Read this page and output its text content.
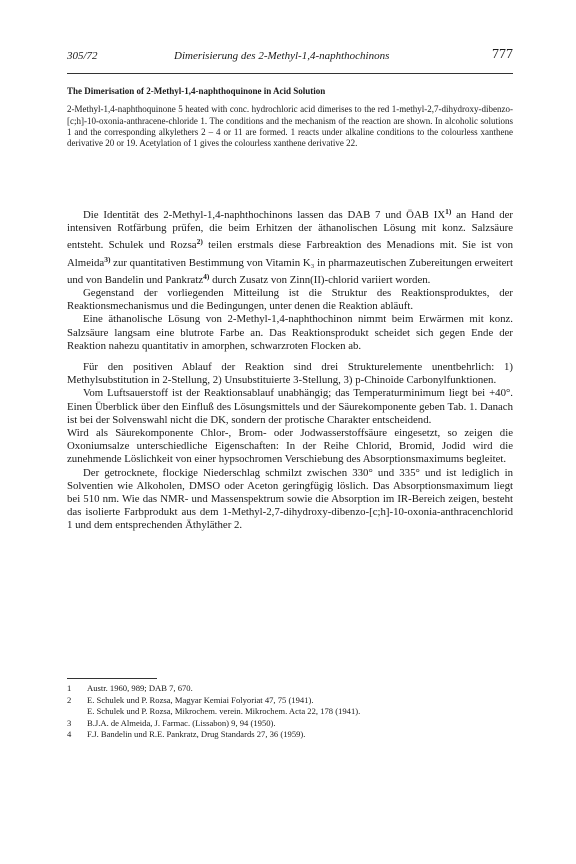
305/72	Dimerisierung des 2-Methyl-1,4-naphthochinons	777
The Dimerisation of 2-Methyl-1,4-naphthoquinone in Acid Solution

2-Methyl-1,4-naphthoquinone 5 heated with conc. hydrochloric acid dimerises to the red 1-methyl-2,7-dihydroxy-dibenzo-[c;h]-10-oxonia-anthracene-chloride 1. The conditions and the mechanism of the reaction are shown. In alcoholic solutions 1 and the corresponding alkylethers 2 – 4 or 11 are formed. 1 reacts under alkaline conditions to the colourless xanthene derivative 20 or 19. Acetylation of 1 gives the colourless xanthene derivative 22.

Die Identität des 2-Methyl-1,4-naphthochinons lassen das DAB 7 und ÖAB IX$^{1)}$ an Hand der intensiven Rotfärbung prüfen, die beim Erhitzen der äthanolischen Lösung mit konz. Salzsäure entsteht. Schulek und Rozsa$^{2)}$ teilen erstmals diese Farbreaktion des Menadions mit. Sie ist von Almeida$^{3)}$ zur quantitativen Bestimmung von Vitamin K₃ in pharmazeutischen Zubereitungen erweitert und von Bandelin und Pankratz$^{4)}$ durch Zusatz von Zinn(II)-chlorid variiert worden.

Gegenstand der vorliegenden Mitteilung ist die Struktur des Reaktionsproduktes, der Reaktionsmechanismus und die Bedingungen, unter denen die Reaktion abläuft.

Eine äthanolische Lösung von 2-Methyl-1,4-naphthochinon nimmt beim Erwärmen mit konz. Salzsäure langsam eine blutrote Farbe an. Das Reaktionsprodukt scheidet sich gegen Ende der Reaktion nahezu quantitativ in amorphen, schwarzroten Flocken ab.

Für den positiven Ablauf der Reaktion sind drei Strukturelemente unentbehrlich: 1) Methylsubstitution in 2-Stellung, 2) Unsubstituierte 3-Stellung, 3) p-Chinoide Carbonylfunktionen.

Vom Luftsauerstoff ist der Reaktionsablauf unabhängig; das Temperaturminimum liegt bei +40°. Einen Überblick über den Einfluß des Lösungsmittels und der Säurekomponente geben Tab. 1. Danach ist bei der Solvenswahl nicht die DK, sondern der protische Charakter entscheidend.

Wird als Säurekomponente Chlor-, Brom- oder Jodwasserstoffsäure eingesetzt, so zeigen die Oxoniumsalze unterschiedliche Eigenschaften: In der Reihe Chlorid, Bromid, Jodid wird die zunehmende Löslichkeit von einer hypsochromen Verschiebung des Absorptionsmaximums begleitet.

Der getrocknete, flockige Niederschlag schmilzt zwischen 330° und 335° und ist lediglich in Solventien wie Alkoholen, DMSO oder Aceton geringfügig löslich. Das Absorptionsmaximum liegt bei 510 nm. Wie das NMR- und Massenspektrum sowie die Absorption im IR-Bereich zeigen, besteht das isolierte Farbprodukt aus dem 1-Methyl-2,7-dihydroxy-dibenzo-[c;h]-10-oxonia-anthracenchlorid 1 und dem entsprechenden Äthyläther 2.

1 Austr. 1960, 989; DAB 7, 670.

2 E. Schulek und P. Rozsa, Magyar Kemiai Folyoriat 47, 75 (1941).

E. Schulek und P. Rozsa, Mikrochem. verein. Mikrochem. Acta 22, 178 (1941).

3 B.J.A. de Almeida, J. Farmac. (Lissabon) 9, 94 (1950).

4 F.J. Bandelin und R.E. Pankratz, Drug Standards 27, 36 (1959).
